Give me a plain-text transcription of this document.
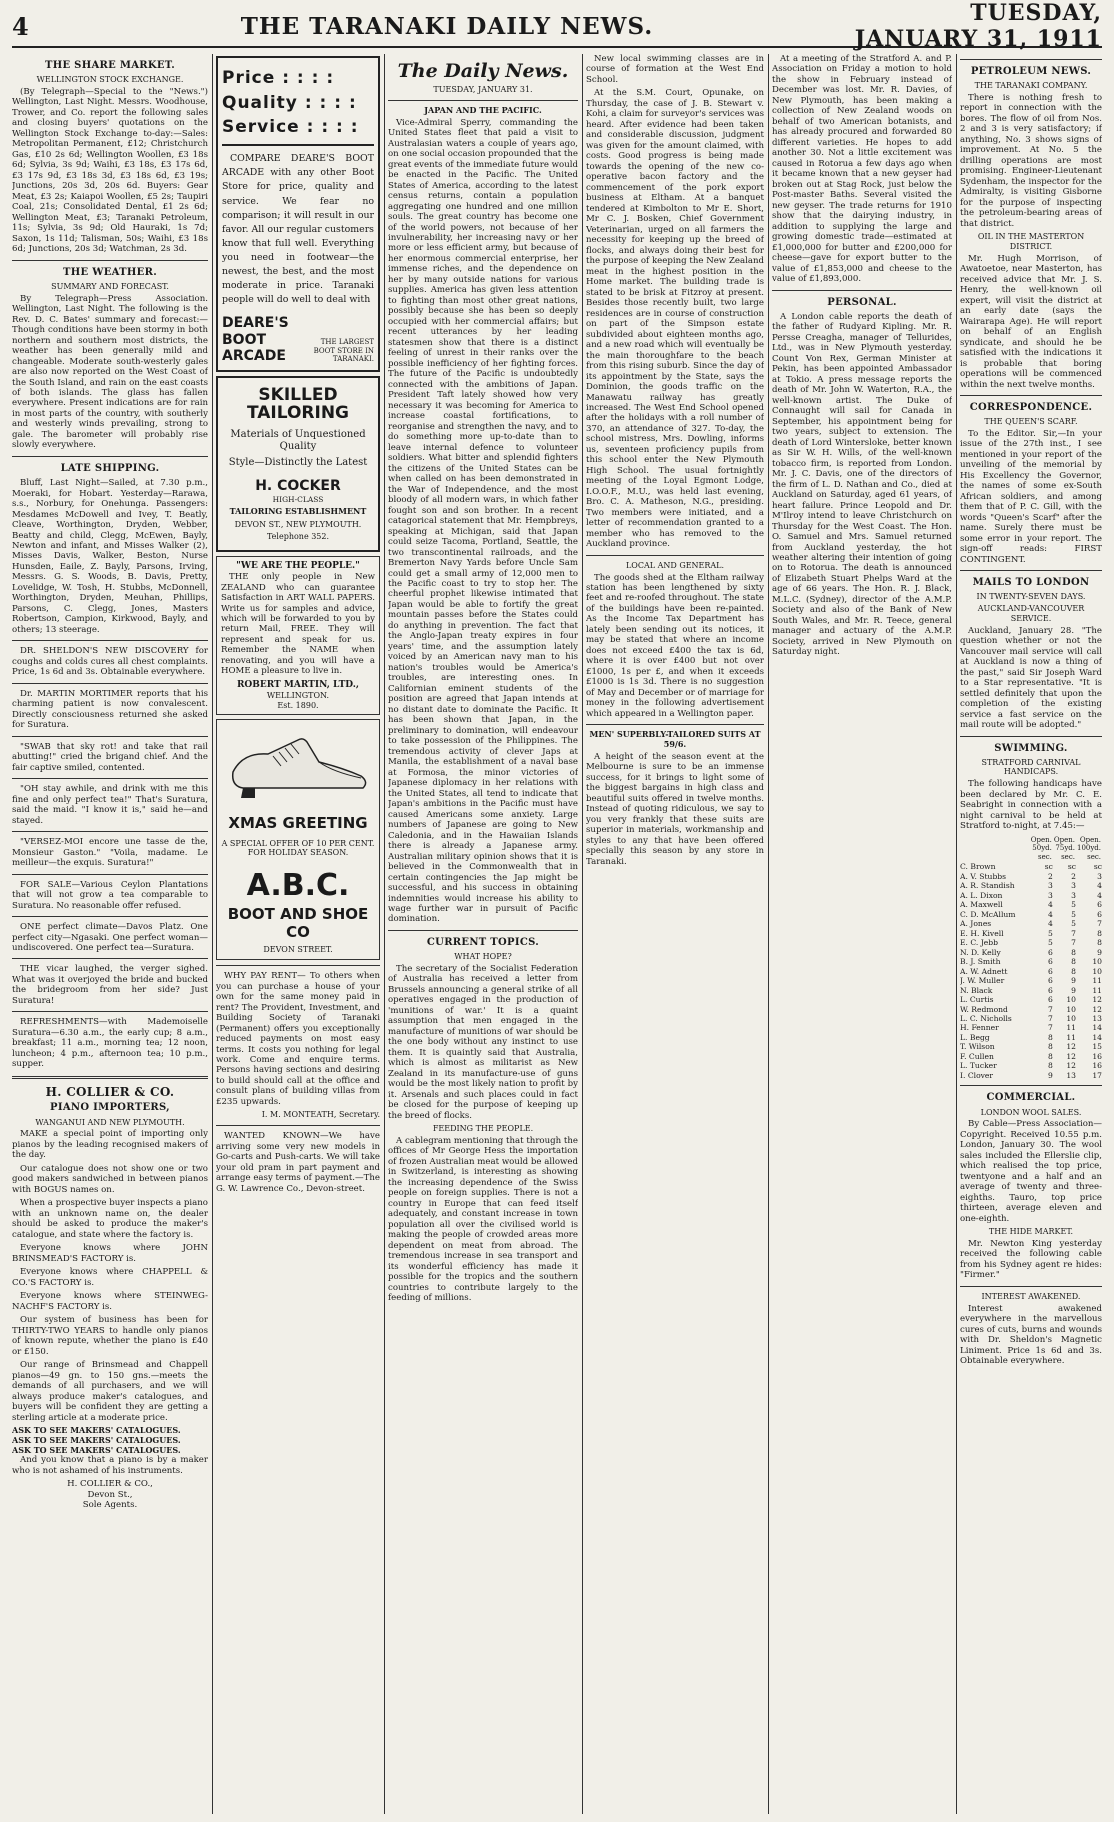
4	THE TARANAKI DAILY NEWS.	TUESDAY, JANUARY 31, 1911
THE SHARE MARKET.
WELLINGTON STOCK EXCHANGE.

(By Telegraph—Special to the "News.") Wellington, Last Night. Messrs. Woodhouse, Trower, and Co. report the following sales and closing buyers' quotations on the Wellington Stock Exchange to-day:—Sales: Metropolitan Permanent, £12; Christchurch Gas, £10 2s 6d; Wellington Woollen, £3 18s 6d; Sylvia, 3s 9d; Waihi, £3 18s, £3 17s 6d, £3 17s 9d, £3 18s 3d, £3 18s 6d, £3 19s; Junctions, 20s 3d, 20s 6d. Buyers: Gear Meat, £3 2s; Kaiapoi Woollen, £5 2s; Taupiri Coal, 21s; Consolidated Dental, £1 2s 6d; Wellington Meat, £3; Taranaki Petroleum, 11s; Sylvia, 3s 9d; Old Hauraki, 1s 7d; Saxon, 1s 11d; Talisman, 50s; Waihi, £3 18s 6d; Junctions, 20s 3d; Watchman, 2s 3d.

THE WEATHER.
SUMMARY AND FORECAST.

By Telegraph—Press Association. Wellington, Last Night. The following is the Rev. D. C. Bates' summary and forecast:—Though conditions have been stormy in both northern and southern most districts, the weather has been generally mild and changeable. Moderate south-westerly gales are also now reported on the West Coast of the South Island, and rain on the east coasts of both islands. The glass has fallen everywhere. Present indications are for rain in most parts of the country, with southerly and westerly winds prevailing, strong to gale. The barometer will probably rise slowly everywhere.

LATE SHIPPING.

Bluff, Last Night—Sailed, at 7.30 p.m., Moeraki, for Hobart. Yesterday—Rarawa, s.s., Norbury, for Onehunga. Passengers: Mesdames McDowell and Ivey, T. Beatly, Cleave, Worthington, Dryden, Webber, Beatty and child, Clegg, McEwen, Bayly, Newton and infant, and Misses Walker (2), Misses Davis, Walker, Beston, Nurse Hunsden, Eaile, Z. Bayly, Parsons, Irving, Messrs. G. S. Woods, B. Davis, Pretty, Lovelidge, W. Tosh, H. Stubbs, McDonnell, Worthington, Dryden, Meuhan, Phillips, Parsons, C. Clegg, Jones, Masters Robertson, Campion, Kirkwood, Bayly, and others; 13 steerage.

DR. SHELDON'S NEW DISCOVERY for coughs and colds cures all chest complaints. Price, 1s 6d and 3s. Obtainable everywhere.

Dr. MARTIN MORTIMER reports that his charming patient is now convalescent. Directly consciousness returned she asked for Suratura.

"SWAB that sky rot! and take that rail abutting!" cried the brigand chief. And the fair captive smiled, contented.

"OH stay awhile, and drink with me this fine and only perfect tea!" That's Suratura, said the maid. "I know it is," said he—and stayed.

"VERSEZ-MOI encore une tasse de the, Monsieur Gaston." "Voila, madame. Le meilleur—the exquis. Suratura!"

FOR SALE—Various Ceylon Plantations that will not grow a tea comparable to Suratura. No reasonable offer refused.

ONE perfect climate—Davos Platz. One perfect city—Ngasaki. One perfect woman—undiscovered. One perfect tea—Suratura.

THE vicar laughed, the verger sighed. What was it overjoyed the bride and bucked the bridegroom from her side? Just Suratura!

REFRESHMENTS—with Mademoiselle Suratura—6.30 a.m., the early cup; 8 a.m., breakfast; 11 a.m., morning tea; 12 noon, luncheon; 4 p.m., afternoon tea; 10 p.m., supper.

H. COLLIER & CO.
PIANO IMPORTERS,
WANGANUI AND NEW PLYMOUTH.

MAKE a special point of importing only pianos by the leading recognised makers of the day.

Our catalogue does not show one or two good makers sandwiched in between pianos with BOGUS names on.

When a prospective buyer inspects a piano with an unknown name on, the dealer should be asked to produce the maker's catalogue, and state where the factory is.

Everyone knows where JOHN BRINSMEAD'S FACTORY is.

Everyone knows where CHAPPELL & CO.'S FACTORY is.

Everyone knows where STEINWEG-NACHF'S FACTORY is.

Our system of business has been for THIRTY-TWO YEARS to handle only pianos of known repute, whether the piano is £40 or £150.

Our range of Brinsmead and Chappell pianos—49 gn. to 150 gns.—meets the demands of all purchasers, and we will always produce maker's catalogues, and buyers will be confident they are getting a sterling article at a moderate price.

ASK TO SEE MAKERS' CATALOGUES.
ASK TO SEE MAKERS' CATALOGUES.
ASK TO SEE MAKERS' CATALOGUES.

And you know that a piano is by a maker who is not ashamed of his instruments.

H. COLLIER & CO.,
Devon St.,
Sole Agents.
Price : : : :
Quality : : : :
Service : : : :

COMPARE DEARE'S BOOT ARCADE with any other Boot Store for price, quality and service. We fear no comparison; it will result in our favor. All our regular customers know that full well. Everything you need in footwear—the newest, the best, and the most moderate in price. Taranaki people will do well to deal with

DEARE'S BOOT ARCADE
THE LARGEST BOOT STORE IN TARANAKI.
SKILLED TAILORING
Materials of Unquestioned Quality
Style—Distinctly the Latest
H. COCKER
HIGH-CLASS
TAILORING ESTABLISHMENT
DEVON ST., NEW PLYMOUTH.
Telephone 352.
"WE ARE THE PEOPLE."

THE only people in New ZEALAND who can guarantee Satisfaction in ART WALL PAPERS. Write us for samples and advice, which will be forwarded to you by return Mail, FREE. They will represent and speak for us. Remember the NAME when renovating, and you will have a HOME a pleasure to live in.

ROBERT MARTIN, LTD.,
WELLINGTON.
Est. 1890.
XMAS GREETING
A SPECIAL OFFER OF 10 PER CENT. FOR HOLIDAY SEASON.
A.B.C.
BOOT AND SHOE CO
DEVON STREET.

WHY PAY RENT— To others when you can purchase a house of your own for the same money paid in rent? The Provident, Investment, and Building Society of Taranaki (Permanent) offers you exceptionally reduced payments on most easy terms. It costs you nothing for legal work. Come and enquire terms. Persons having sections and desiring to build should call at the office and consult plans of building villas from £235 upwards.

I. M. MONTEATH, Secretary.

WANTED KNOWN—We have arriving some very new models in Go-carts and Push-carts. We will take your old pram in part payment and arrange easy terms of payment.—The G. W. Lawrence Co., Devon-street.

The Daily News.
TUESDAY, JANUARY 31.
JAPAN AND THE PACIFIC.

Vice-Admiral Sperry, commanding the United States fleet that paid a visit to Australasian waters a couple of years ago, on one social occasion propounded that the great events of the immediate future would be enacted in the Pacific. The United States of America, according to the latest census returns, contain a population aggregating one hundred and one million souls. The great country has become one of the world powers, not because of her invulnerability, her increasing navy or her more or less efficient army, but because of her enormous commercial enterprise, her immense riches, and the dependence on her by many outside nations for various supplies. America has given less attention to fighting than most other great nations, possibly because she has been so deeply occupied with her commercial affairs; but recent utterances by her leading statesmen show that there is a distinct feeling of unrest in their ranks over the possible inefficiency of her fighting forces. The future of the Pacific is undoubtedly connected with the ambitions of Japan. President Taft lately showed how very necessary it was becoming for America to increase coastal fortifications, to reorganise and strengthen the navy, and to do something more up-to-date than to leave internal defence to volunteer soldiers. What bitter and splendid fighters the citizens of the United States can be when called on has been demonstrated in the War of Independence, and the most bloody of all modern wars, in which father fought son and son brother. In a recent catagorical statement that Mr. Hempbreys, speaking at Michigan, said that Japan could seize Tacoma, Portland, Seattle, the two transcontinental railroads, and the Bremerton Navy Yards before Uncle Sam could get a small army of 12,000 men to the Pacific coast to try to stop her. The cheerful prophet likewise intimated that Japan would be able to fortify the great mountain passes before the States could do anything in prevention. The fact that the Anglo-Japan treaty expires in four years' time, and the assumption lately voiced by an American navy man to his nation's troubles would be America's troubles, are interesting ones. In Californian eminent students of the position are agreed that Japan intends at no distant date to dominate the Pacific. It has been shown that Japan, in the preliminary to domination, will endeavour to take possession of the Philippines. The tremendous activity of clever Japs at Manila, the establishment of a naval base at Formosa, the minor victories of Japanese diplomacy in her relations with the United States, all tend to indicate that Japan's ambitions in the Pacific must have caused Americans some anxiety. Large numbers of Japanese are going to New Caledonia, and in the Hawaiian Islands there is already a Japanese army. Australian military opinion shows that it is believed in the Commonwealth that in certain contingencies the Jap might be successful, and his success in obtaining indemnities would increase his ability to wage further war in pursuit of Pacific domination.

CURRENT TOPICS.
WHAT HOPE?

The secretary of the Socialist Federation of Australia has received a letter from Brussels announcing a general strike of all operatives engaged in the production of 'munitions of war.' It is a quaint assumption that men engaged in the manufacture of munitions of war should be the one body without any instinct to use them. It is quaintly said that Australia, which is almost as militarist as New Zealand in its manufacture-use of guns would be the most likely nation to profit by it. Arsenals and such places could in fact be closed for the purpose of keeping up the breed of flocks.

FEEDING THE PEOPLE.

A cablegram mentioning that through the offices of Mr George Hess the importation of frozen Australian meat would be allowed in Switzerland, is interesting as showing the increasing dependence of the Swiss people on foreign supplies. There is not a country in Europe that can feed itself adequately, and constant increase in town population all over the civilised world is making the people of crowded areas more dependent on meat from abroad. The tremendous increase in sea transport and its wonderful efficiency has made it possible for the tropics and the southern countries to contribute largely to the feeding of millions.

New local swimming classes are in course of formation at the West End School.

At the S.M. Court, Opunake, on Thursday, the case of J. B. Stewart v. Kohi, a claim for surveyor's services was heard. After evidence had been taken and considerable discussion, judgment was given for the amount claimed, with costs. Good progress is being made towards the opening of the new co-operative bacon factory and the commencement of the pork export business at Eltham. At a banquet tendered at Kimbolton to Mr E. Short, Mr C. J. Bosken, Chief Government Veterinarian, urged on all farmers the necessity for keeping up the breed of flocks, and always doing their best for the purpose of keeping the New Zealand meat in the highest position in the Home market. The building trade is stated to be brisk at Fitzroy at present. Besides those recently built, two large residences are in course of construction on part of the Simpson estate subdivided about eighteen months ago, and a new road which will eventually be the main thoroughfare to the beach from this rising suburb. Since the day of its appointment by the State, says the Dominion, the goods traffic on the Manawatu railway has greatly increased. The West End School opened after the holidays with a roll number of 370, an attendance of 327. To-day, the school mistress, Mrs. Dowling, informs us, seventeen proficiency pupils from this school enter the New Plymouth High School. The usual fortnightly meeting of the Loyal Egmont Lodge, I.O.O.F., M.U., was held last evening, Bro. C. A. Matheson, N.G., presiding. Two members were initiated, and a letter of recommendation granted to a member who has removed to the Auckland province.

LOCAL AND GENERAL.

The goods shed at the Eltham railway station has been lengthened by sixty feet and re-roofed throughout. The state of the buildings have been re-painted. As the Income Tax Department has lately been sending out its notices, it may be stated that where an income does not exceed £400 the tax is 6d, where it is over £400 but not over £1000, 1s per £, and when it exceeds £1000 is 1s 3d. There is no suggestion of May and December or of marriage for money in the following advertisement which appeared in a Wellington paper.

MEN' SUPERBLY-TAILORED SUITS AT 59/6.

A height of the season event at the Melbourne is sure to be an immense success, for it brings to light some of the biggest bargains in high class and beautiful suits offered in twelve months. Instead of quoting ridiculous, we say to you very frankly that these suits are superior in materials, workmanship and styles to any that have been offered specially this season by any store in Taranaki.

At a meeting of the Stratford A. and P. Association on Friday a motion to hold the show in February instead of December was lost. Mr. R. Davies, of New Plymouth, has been making a collection of New Zealand woods on behalf of two American botanists, and has already procured and forwarded 80 different varieties. He hopes to add another 30. Not a little excitement was caused in Rotorua a few days ago when it became known that a new geyser had broken out at Stag Rock, just below the Post-master Baths. Several visited the new geyser. The trade returns for 1910 show that the dairying industry, in addition to supplying the large and growing domestic trade—estimated at £1,000,000 for butter and £200,000 for cheese—gave for export butter to the value of £1,853,000 and cheese to the value of £1,893,000.

PERSONAL.

A London cable reports the death of the father of Rudyard Kipling. Mr. R. Persse Creagha, manager of Tellurides, Ltd., was in New Plymouth yesterday. Count Von Rex, German Minister at Pekin, has been appointed Ambassador at Tokio. A press message reports the death of Mr. John W. Waterton, R.A., the well-known artist. The Duke of Connaught will sail for Canada in September, his appointment being for two years, subject to extension. The death of Lord Wintersloke, better known as Sir W. H. Wills, of the well-known tobacco firm, is reported from London. Mr. J. C. Davis, one of the directors of the firm of L. D. Nathan and Co., died at Auckland on Saturday, aged 61 years, of heart failure. Prince Leopold and Dr. M'Ilroy intend to leave Christchurch on Thursday for the West Coast. The Hon. O. Samuel and Mrs. Samuel returned from Auckland yesterday, the hot weather altering their intention of going on to Rotorua. The death is announced of Elizabeth Stuart Phelps Ward at the age of 66 years. The Hon. R. J. Black, M.L.C. (Sydney), director of the A.M.P. Society and also of the Bank of New South Wales, and Mr. R. Teece, general manager and actuary of the A.M.P. Society, arrived in New Plymouth on Saturday night.

PETROLEUM NEWS.
THE TARANAKI COMPANY.

There is nothing fresh to report in connection with the bores. The flow of oil from Nos. 2 and 3 is very satisfactory; if anything, No. 3 shows signs of improvement. At No. 5 the drilling operations are most promising. Engineer-Lieutenant Sydenham, the inspector for the Admiralty, is visiting Gisborne for the purpose of inspecting the petroleum-bearing areas of that district.

OIL IN THE MASTERTON DISTRICT.

Mr. Hugh Morrison, of Awatoetoe, near Masterton, has received advice that Mr. J. S. Henry, the well-known oil expert, will visit the district at an early date (says the Wairarapa Age). He will report on behalf of an English syndicate, and should he be satisfied with the indications it is probable that boring operations will be commenced within the next twelve months.

CORRESPONDENCE.
THE QUEEN'S SCARF.

To the Editor. Sir,—In your issue of the 27th inst., I see mentioned in your report of the unveiling of the memorial by His Excellency the Governor, the names of some ex-South African soldiers, and among them that of P. C. Gill, with the words "Queen's Scarf" after the name. Surely there must be some error in your report. The sign-off reads: FIRST CONTINGENT.

MAILS TO LONDON
IN TWENTY-SEVEN DAYS.
AUCKLAND-VANCOUVER SERVICE.

Auckland, January 28. "The question whether or not the Vancouver mail service will call at Auckland is now a thing of the past," said Sir Joseph Ward to a Star representative. "It is settled definitely that upon the completion of the existing service a fast service on the mail route will be adopted."

SWIMMING.
STRATFORD CARNIVAL HANDICAPS.

The following handicaps have been declared by Mr. C. E. Seabright in connection with a night carnival to be held at Stratford to-night, at 7.45:—

	Open. 50yd. sec.	Open. 75yd. sec.	Open. 100yd. sec.
C. Brown	sc	sc	sc
A. V. Stubbs	2	2	3
A. R. Standish	3	3	4
A. L. Dixon	3	3	4
A. Maxwell	4	5	6
C. D. McAllum	4	5	6
A. Jones	4	5	7
E. H. Kivell	5	7	8
E. C. Jebb	5	7	8
N. D. Kelly	6	8	9
B. J. Smith	6	8	10
A. W. Adnett	6	8	10
J. W. Muller	6	9	11
N. Black	6	9	11
L. Curtis	6	10	12
W. Redmond	7	10	12
L. C. Nicholls	7	10	13
H. Fenner	7	11	14
L. Begg	8	11	14
T. Wilson	8	12	15
F. Cullen	8	12	16
L. Tucker	8	12	16
I. Clover	9	13	17
COMMERCIAL.
LONDON WOOL SALES.

By Cable—Press Association—Copyright. Received 10.55 p.m. London, January 30. The wool sales included the Ellerslie clip, which realised the top price, twentyone and a half and an average of twenty and three-eighths. Tauro, top price thirteen, average eleven and one-eighth.

THE HIDE MARKET.

Mr. Newton King yesterday received the following cable from his Sydney agent re hides: "Firmer."

INTEREST AWAKENED.

Interest awakened everywhere in the marvellous cures of cuts, burns and wounds with Dr. Sheldon's Magnetic Liniment. Price 1s 6d and 3s. Obtainable everywhere.
